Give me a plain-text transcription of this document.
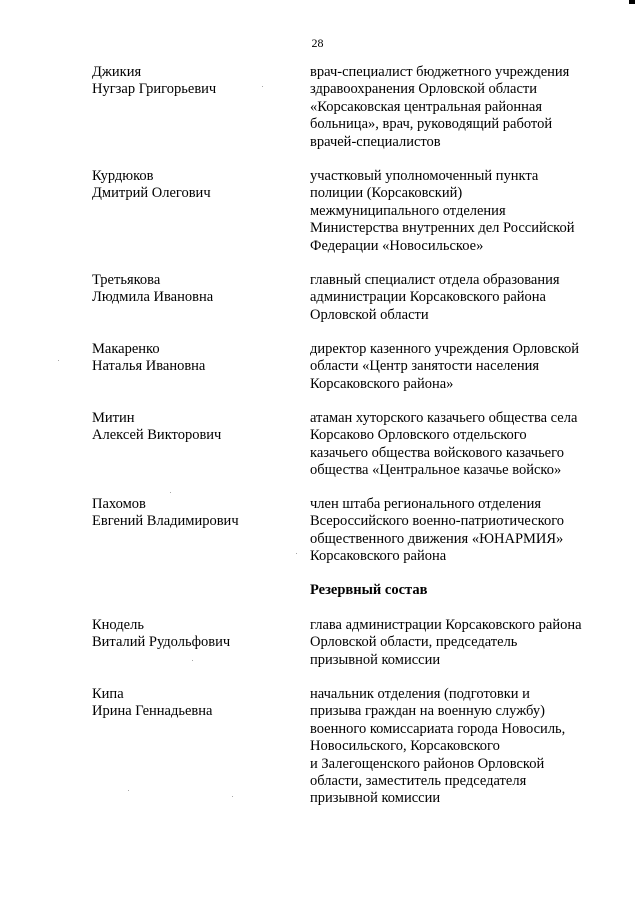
28
Джикия
Нугзар Григорьевич
врач-специалист бюджетного учреждения
здравоохранения Орловской области
«Корсаковская центральная районная
больница», врач, руководящий работой
врачей-специалистов
Курдюков
Дмитрий Олегович
участковый уполномоченный пункта
полиции (Корсаковский)
межмуниципального отделения
Министерства внутренних дел Российской
Федерации «Новосильское»
Третьякова
Людмила Ивановна
главный специалист отдела образования
администрации Корсаковского района
Орловской области
Макаренко
Наталья Ивановна
директор казенного учреждения Орловской
области «Центр занятости населения
Корсаковского района»
Митин
Алексей Викторович
атаман хуторского казачьего общества села
Корсаково Орловского отдельского
казачьего общества войскового казачьего
общества «Центральное казачье войско»
Пахомов
Евгений Владимирович
член штаба регионального отделения
Всероссийского военно-патриотического
общественного движения «ЮНАРМИЯ»
Корсаковского района
Резервный состав
Кнодель
Виталий Рудольфович
глава администрации Корсаковского района
Орловской области, председатель
призывной комиссии
Кипа
Ирина Геннадьевна
начальник отделения (подготовки и
призыва граждан на военную службу)
военного комиссариата города Новосиль,
Новосильского, Корсаковского
и Залегощенского районов Орловской
области, заместитель председателя
призывной комиссии
